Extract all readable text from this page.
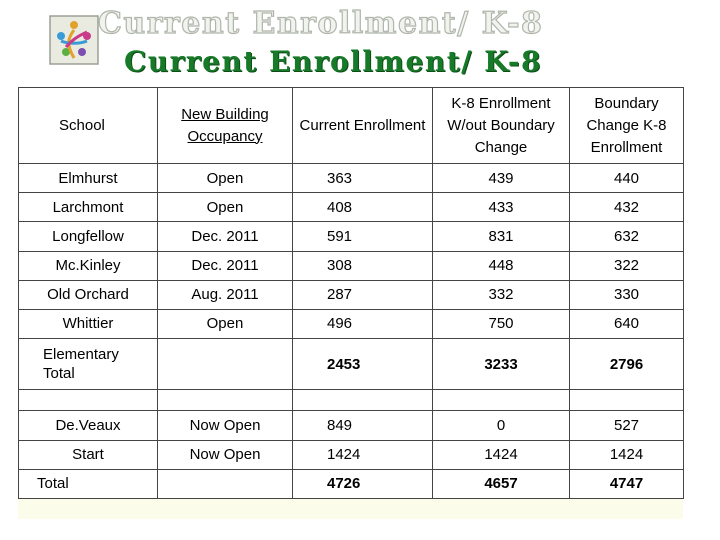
Current Enrollment/ K-8
Current Enrollment/ K-8
School	New Building Occupancy	Current Enrollment	K-8 Enrollment W/out Boundary Change	Boundary Change K-8 Enrollment
Elmhurst	Open	363	439	440
Larchmont	Open	408	433	432
Longfellow	Dec. 2011	591	831	632
Mc.Kinley	Dec. 2011	308	448	322
Old Orchard	Aug. 2011	287	332	330
Whittier	Open	496	750	640
Elementary Total		2453	3233	2796

De.Veaux	Now Open	849	0	527
Start	Now Open	1424	1424	1424
Total		4726	4657	4747
